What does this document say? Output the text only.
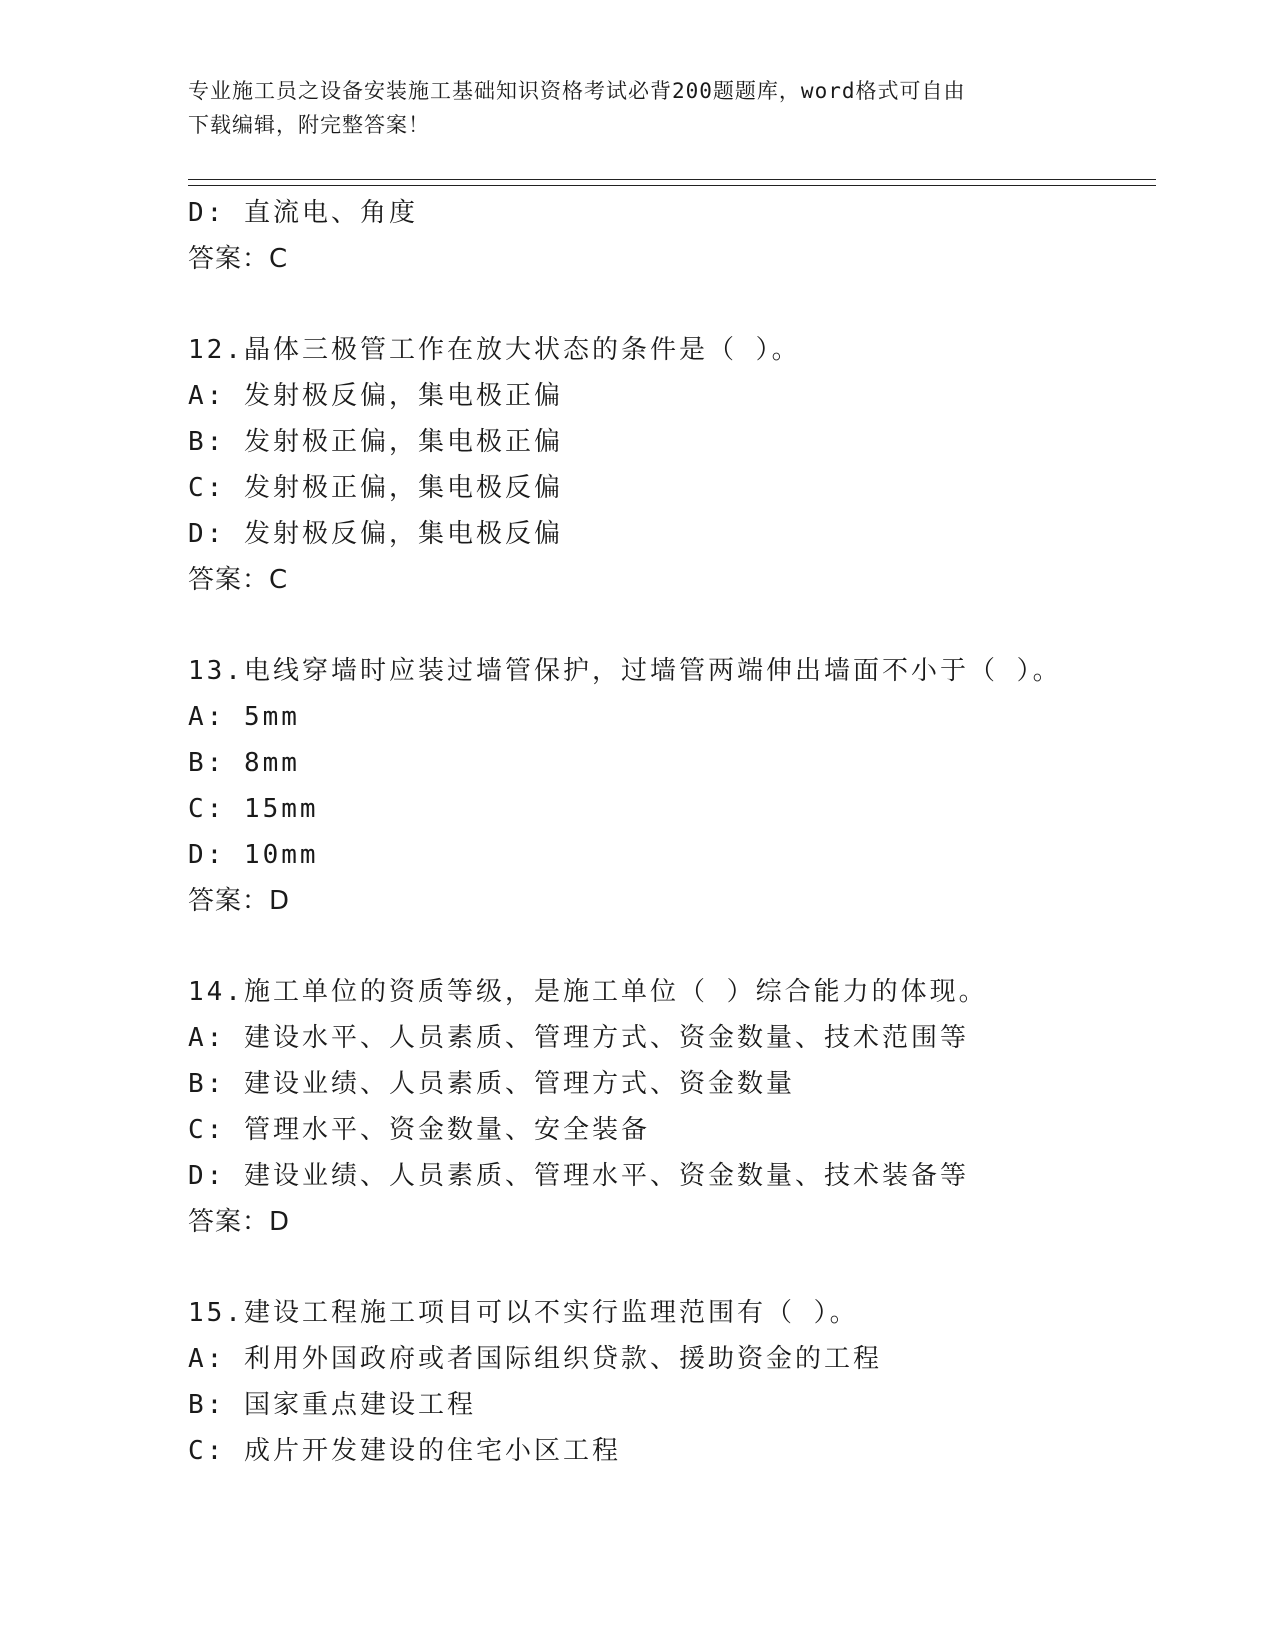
专业施工员之设备安装施工基础知识资格考试必背200题题库，word格式可自由
下载编辑，附完整答案！
D: 直流电、角度
答案：C
12.晶体三极管工作在放大状态的条件是（ ）。
A: 发射极反偏，集电极正偏
B: 发射极正偏，集电极正偏
C: 发射极正偏，集电极反偏
D: 发射极反偏，集电极反偏
答案：C
13.电线穿墙时应装过墙管保护，过墙管两端伸出墙面不小于（ ）。
A: 5mm
B: 8mm
C: 15mm
D: 10mm
答案：D
14.施工单位的资质等级，是施工单位（ ）综合能力的体现。
A: 建设水平、人员素质、管理方式、资金数量、技术范围等
B: 建设业绩、人员素质、管理方式、资金数量
C: 管理水平、资金数量、安全装备
D: 建设业绩、人员素质、管理水平、资金数量、技术装备等
答案：D
15.建设工程施工项目可以不实行监理范围有（ ）。
A: 利用外国政府或者国际组织贷款、援助资金的工程
B: 国家重点建设工程
C: 成片开发建设的住宅小区工程
